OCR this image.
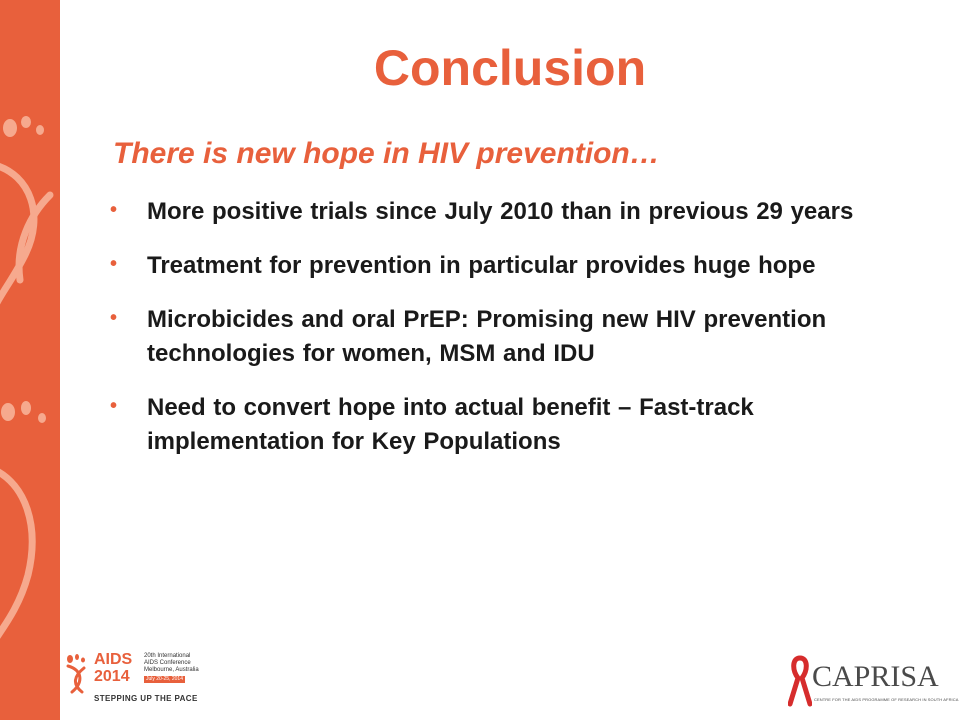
Conclusion
There is new hope in HIV prevention…
• More positive trials since July 2010 than in previous 29 years
• Treatment for prevention in particular provides huge hope
• Microbicides and oral PrEP: Promising new HIV prevention technologies for women, MSM and IDU
• Need to convert hope into actual benefit – Fast-track implementation for Key Populations
AIDS
2014
20th International AIDS Conference Melbourne, Australia
July 20-25, 2014
STEPPING UP THE PACE
CAPRISA
CENTRE FOR THE AIDS PROGRAMME OF RESEARCH IN SOUTH AFRICA
